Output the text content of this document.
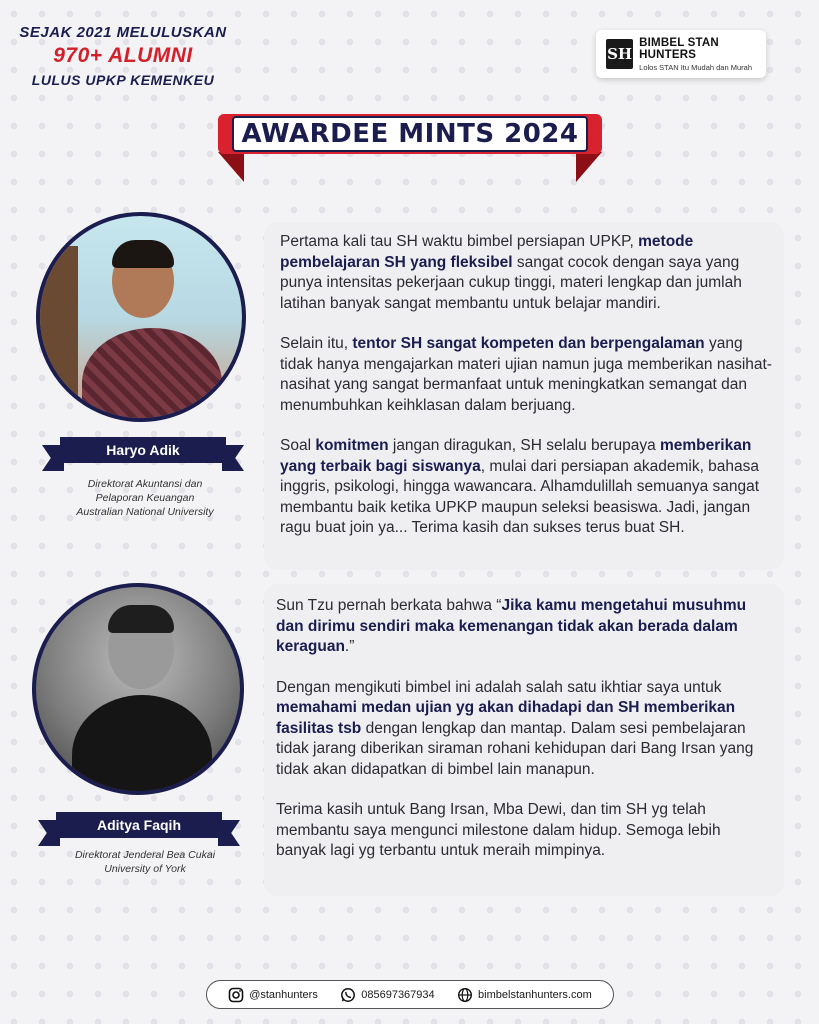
SEJAK 2021 MELULUSKAN
970+ ALUMNI
LULUS UPKP KEMENKEU
SH
BIMBEL STAN HUNTERS
Lolos STAN Itu Mudah dan Murah
AWARDEE MINTS 2024
Haryo Adik
Direktorat Akuntansi dan
Pelaporan Keuangan
Australian National University

Pertama kali tau SH waktu bimbel persiapan UPKP, metode pembelajaran SH yang fleksibel sangat cocok dengan saya yang punya intensitas pekerjaan cukup tinggi, materi lengkap dan jumlah latihan banyak sangat membantu untuk belajar mandiri.

Selain itu, tentor SH sangat kompeten dan berpengalaman yang tidak hanya mengajarkan materi ujian namun juga memberikan nasihat-nasihat yang sangat bermanfaat untuk meningkatkan semangat dan menumbuhkan keihklasan dalam berjuang.

Soal komitmen jangan diragukan, SH selalu berupaya memberikan yang terbaik bagi siswanya, mulai dari persiapan akademik, bahasa inggris, psikologi, hingga wawancara. Alhamdulillah semuanya sangat membantu baik ketika UPKP maupun seleksi beasiswa. Jadi, jangan ragu buat join ya... Terima kasih dan sukses terus buat SH.

Aditya Faqih
Direktorat Jenderal Bea Cukai
University of York

Sun Tzu pernah berkata bahwa “Jika kamu mengetahui musuhmu dan dirimu sendiri maka kemenangan tidak akan berada dalam keraguan.”

Dengan mengikuti bimbel ini adalah salah satu ikhtiar saya untuk memahami medan ujian yg akan dihadapi dan SH memberikan fasilitas tsb dengan lengkap dan mantap. Dalam sesi pembelajaran tidak jarang diberikan siraman rohani kehidupan dari Bang Irsan yang tidak akan didapatkan di bimbel lain manapun.

Terima kasih untuk Bang Irsan, Mba Dewi, dan tim SH yg telah membantu saya mengunci milestone dalam hidup. Semoga lebih banyak lagi yg terbantu untuk meraih mimpinya.

@stanhunters	085697367934	bimbelstanhunters.com
